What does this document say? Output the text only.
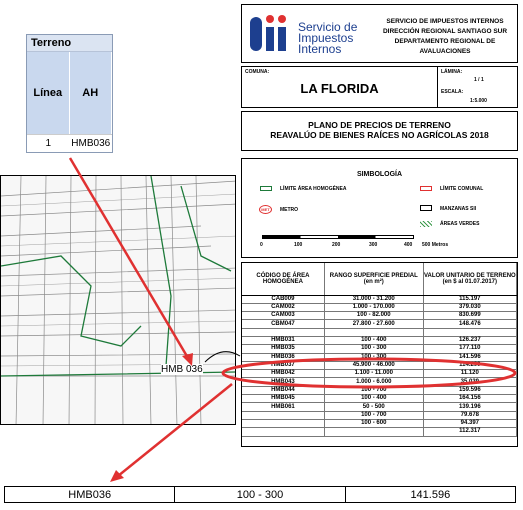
Terreno
Línea	AH
1	HMB036
HMB 036
Servicio de
Impuestos
Internos
SERVICIO DE IMPUESTOS INTERNOS
DIRECCIÓN REGIONAL SANTIAGO SUR
DEPARTAMENTO REGIONAL DE AVALUACIONES
COMUNA:
LA FLORIDA
LÁMINA:
1 / 1
ESCALA:
1:5.000
PLANO DE PRECIOS DE TERRENO
REAVALÚO DE BIENES RAÍCES NO AGRÍCOLAS 2018
SIMBOLOGÍA
LÍMITE ÁREA HOMOGÉNEA	LÍMITE COMUNAL
MET	METRO	MANZANAS SII
ÁREAS VERDES
0	100	200	300	400 500 Metros
CÓDIGO DE ÁREA HOMOGÉNEA	RANGO SUPERFICIE PREDIAL (en m²)	VALOR UNITARIO DE TERRENO (en $ al 01.07.2017)
CAB009	31.000 - 31.200	115.197
CAM002	1.000 - 170.000	379.030
CAM003	100 - 82.000	830.699
CBM047	27.800 - 27.600	148.476

HMB031	100 - 400	126.237
HMB035	100 - 300	177.110
HMB036	100 - 300	141.596
HMB037	45.900 - 46.000	114.290
HMB042	1.100 - 11.000	11.120
HMB043	1.000 - 6.000	35.039
HMB044	100 - 700	159.596
HMB045	100 - 400	164.156
HMB061	50 - 500	139.196
	100 - 700	79.678
	100 - 600	94.397
		112.317
HMB036	100 - 300	141.596
